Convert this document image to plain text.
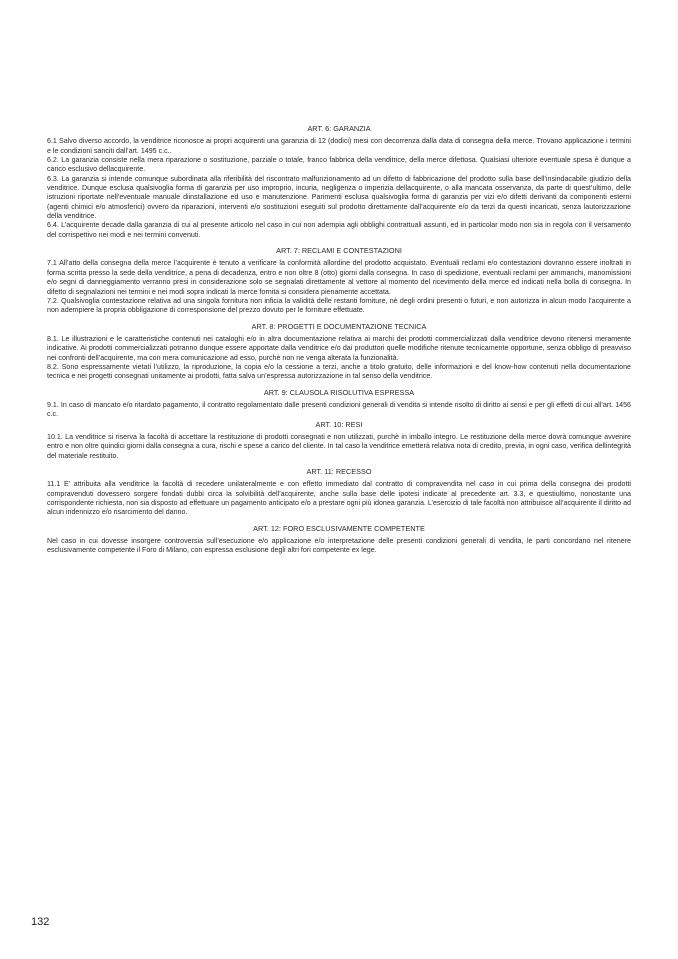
ART. 6: GARANZIA

6.1 Salvo diverso accordo, la venditrice riconosce ai propri acquirenti una garanzia di 12 (dodici) mesi con decorrenza dalla data di consegna della merce. Trovano applicazione i termini e le condizioni sanciti dall’art. 1495 c.c..

6.2. La garanzia consiste nella mera riparazione o sostituzione, parziale o totale, franco fabbrica della venditrice, della merce difettosa. Qualsiasi ulteriore eventuale spesa è dunque a carico esclusivo dellacquirente.

6.3. La garanzia si intende comunque subordinata alla riferibilità del riscontrato malfunzionamento ad un difetto di fabbricazione del prodotto sulla base dell’insindacabile giudizio della venditrice. Dunque esclusa qualsivoglia forma di garanzia per uso improprio, incuria, negligenza o imperizia dellacquirente, o alla mancata osservanza, da parte di quest’ultimo, delle istruzioni riportate nell’eventuale manuale diinstallazione ed uso e manutenzione. Parimenti esclusa qualsivoglia forma di garanzia per vizi e/o difetti derivanti da componenti esterni (agenti chimici e/o atmosferici) ovvero da riparazioni, interventi e/o sostituzioni eseguiti sul prodotto direttamente dall’acquirente e/o da terzi da questi incaricati, senza lautorizzazione della venditrice.

6.4. L’acquirente decade dalla garanzia di cui al presente articolo nel caso in cui non adempia agli obblighi contrattuali assunti, ed in particolar modo non sia in regola con il versamento del corrispettivo nei modi e nei termini convenuti.

ART. 7: RECLAMI E CONTESTAZIONI

7.1 All’atto della consegna della merce l’acquirente è tenuto a verificare la conformità allordine del prodotto acquistato. Eventuali reclami e/o contestazioni dovranno essere inoltrati in forma scritta presso la sede della venditrice, a pena di decadenza, entro e non oltre 8 (otto) giorni dalla consegna. In caso di spedizione, eventuali reclami per ammanchi, manomissioni e/o segni di danneggiamento verranno presi in considerazione solo se segnalati direttamente al vettore al momento del ricevimento della merce ed indicati nella bolla di consegna. In difetto di segnalazioni nei termini e nei modi sopra indicati la merce fornita si considera pienamente accettata.

7.2. Qualsivoglia contestazione relativa ad una singola fornitura non inficia la validità delle restanti forniture, nè degli ordini presenti o futuri, e non autorizza in alcun modo l’acquirente a non adempiere la propria obbligazione di corresponsione del prezzo dovuto per le forniture effettuate.

ART. 8: PROGETTI E DOCUMENTAZIONE TECNICA

8.1. Le illustrazioni e le caratteristiche contenuti nei cataloghi e/o in altra documentazione relativa ai marchi dei prodotti commercializzati dalla venditrice devono ritenersi meramente indicative. Ai prodotti commercializzati potranno dunque essere apportate dalla venditrice e/o dai produttori quelle modifiche ritenute tecnicamente opportune, senza obbligo di preavviso nei confronti dell’acquirente, ma con mera comunicazione ad esso, purchè non ne venga alterata la funzionalità.

8.2. Sono espressamente vietati l’utilizzo, la riproduzione, la copia e/o la cessione a terzi, anche a titolo gratuito, delle informazioni e del know-how contenuti nella documentazione tecnica e nei progetti consegnati unitamente ai prodotti, fatta salva un’espressa autorizzazione in tal senso della venditrice.

ART. 9: CLAUSOLA RISOLUTIVA ESPRESSA

9.1. In caso di mancato e/o ritardato pagamento, il contratto regolamentato dalle presenti condizioni generali di vendita si intende risolto di diritto ai sensi e per gli effetti di cui all’art. 1456 c.c.

ART. 10: RESI

10.1. La venditrice si riserva la facoltà di accettare la restituzione di prodotti consegnati e non utilizzati, purchè in imballo integro. Le restituzione della merce dovrà comunque avvenire entro e non oltre quindici giorni dalla consegna a cura, rischi e spese a carico del cliente. In tal caso la venditrice emetterà relativa nota di credito, previa, in ogni caso, verifica dellintegrità del materiale restituito.

ART. 11: RECESSO

11.1 E’ attribuita alla venditrice la facoltà di recedere unilateralmente e con effetto immediato dal contratto di compravendita nel caso in cui prima della consegna dei prodotti compravenduti dovessero sorgere fondati dubbi circa la solvibilità dell’acquirente, anche sulla base delle ipotesi indicate al precedente art. 3.3, e questiultimo, nonostante una corrispondente richiesta, non sia disposto ad effettuare un pagamento anticipato e/o a prestare ogni più idonea garanzia. L’esercizio di tale facoltà non attribuisce all’acquirente il diritto ad alcun indennizzo e/o risarcimento del danno.

ART. 12: FORO ESCLUSIVAMENTE COMPETENTE

Nel caso in cui dovesse insorgere controversia sull’esecuzione e/o applicazione e/o interpretazione delle presenti condizioni generali di vendita, le parti concordano nel ritenere esclusivamente competente il Foro di Milano, con espressa esclusione degli altri fori competente ex lege.

132
